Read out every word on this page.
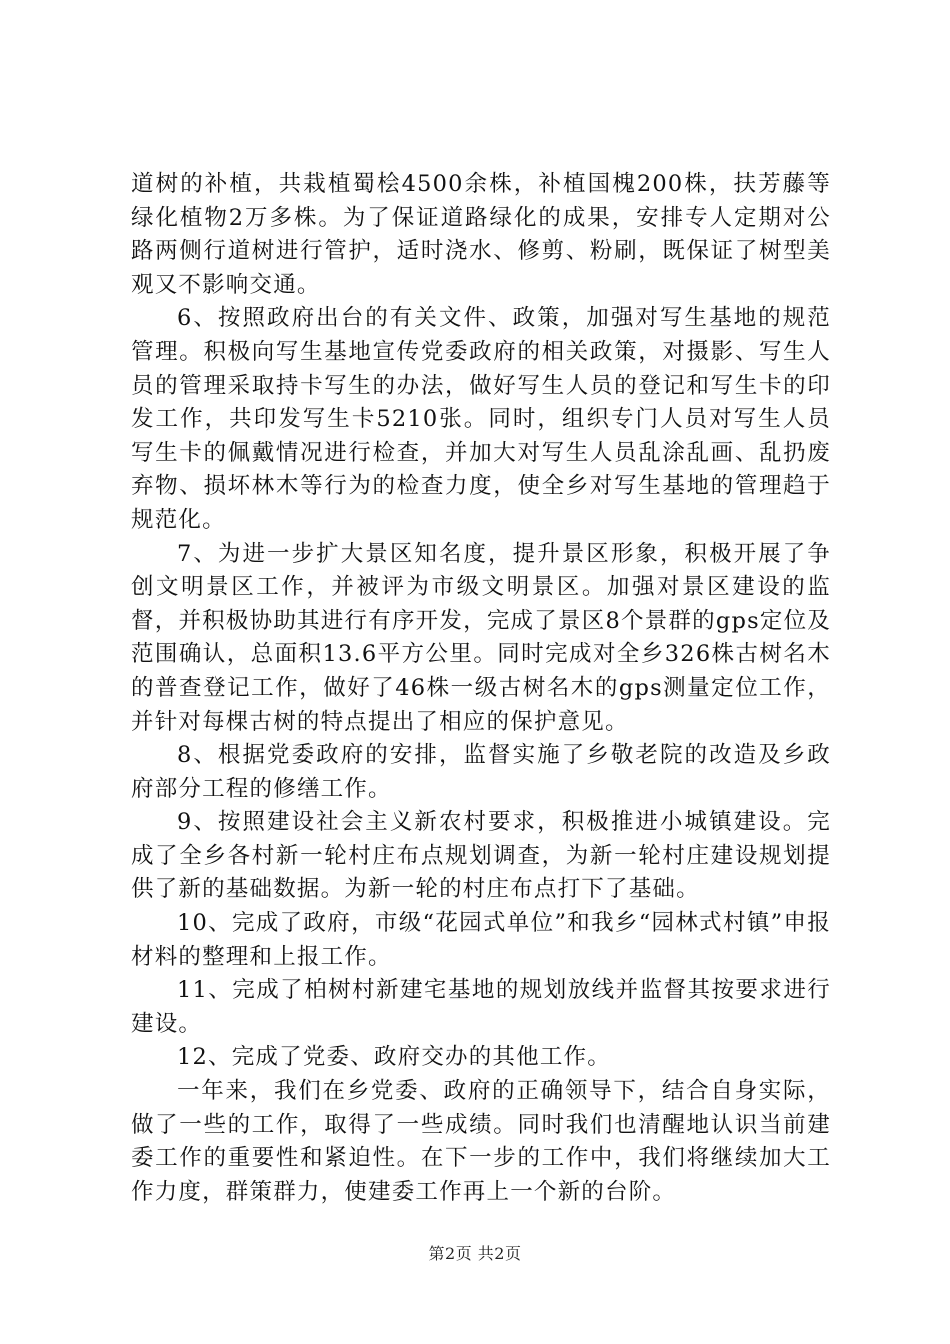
道树的补植，共栽植蜀桧4500余株，补植国槐200株，扶芳藤等绿化植物2万多株。为了保证道路绿化的成果，安排专人定期对公路两侧行道树进行管护，适时浇水、修剪、粉刷，既保证了树型美观又不影响交通。

6、按照政府出台的有关文件、政策，加强对写生基地的规范管理。积极向写生基地宣传党委政府的相关政策，对摄影、写生人员的管理采取持卡写生的办法，做好写生人员的登记和写生卡的印发工作，共印发写生卡5210张。同时，组织专门人员对写生人员写生卡的佩戴情况进行检查，并加大对写生人员乱涂乱画、乱扔废弃物、损坏林木等行为的检查力度，使全乡对写生基地的管理趋于规范化。

7、为进一步扩大景区知名度，提升景区形象，积极开展了争创文明景区工作，并被评为市级文明景区。加强对景区建设的监督，并积极协助其进行有序开发，完成了景区8个景群的gps定位及范围确认，总面积13.6平方公里。同时完成对全乡326株古树名木的普查登记工作，做好了46株一级古树名木的gps测量定位工作，并针对每棵古树的特点提出了相应的保护意见。

8、根据党委政府的安排，监督实施了乡敬老院的改造及乡政府部分工程的修缮工作。

9、按照建设社会主义新农村要求，积极推进小城镇建设。完成了全乡各村新一轮村庄布点规划调查，为新一轮村庄建设规划提供了新的基础数据。为新一轮的村庄布点打下了基础。

10、完成了政府，市级“花园式单位”和我乡“园林式村镇”申报材料的整理和上报工作。

11、完成了柏树村新建宅基地的规划放线并监督其按要求进行建设。

12、完成了党委、政府交办的其他工作。

一年来，我们在乡党委、政府的正确领导下，结合自身实际，做了一些的工作，取得了一些成绩。同时我们也清醒地认识当前建委工作的重要性和紧迫性。在下一步的工作中，我们将继续加大工作力度，群策群力，使建委工作再上一个新的台阶。

第2页 共2页
